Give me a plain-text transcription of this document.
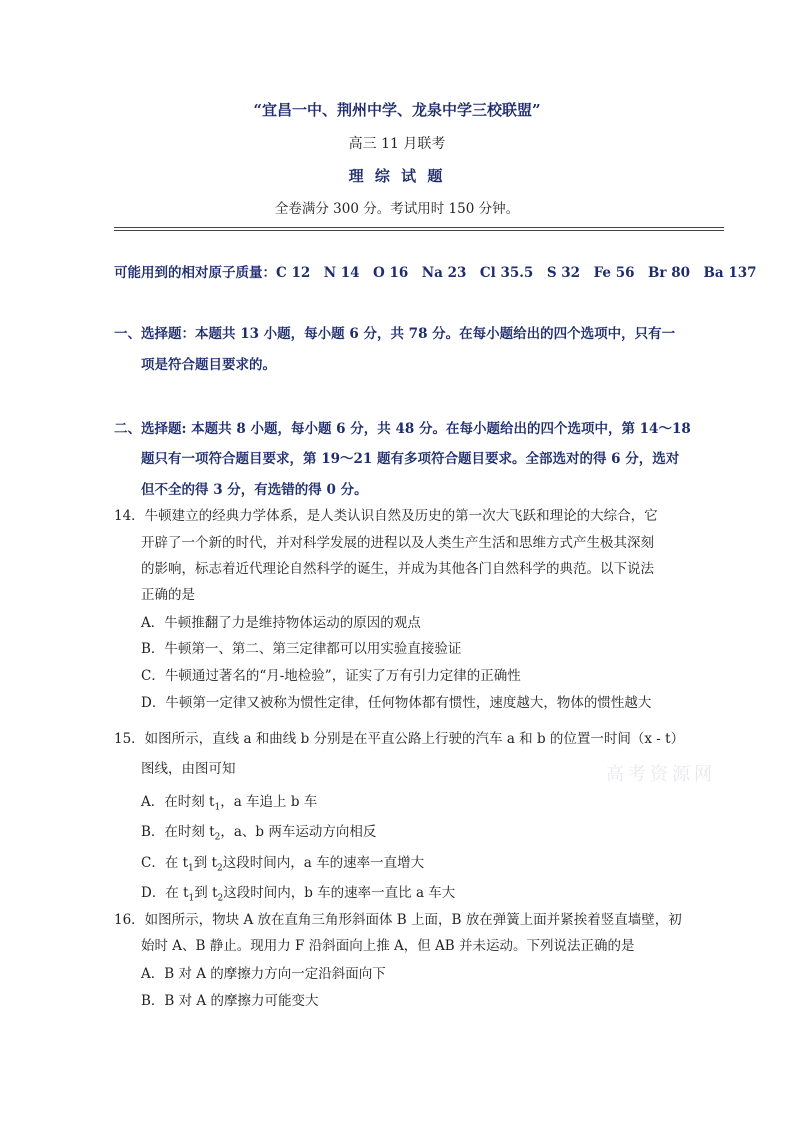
“宜昌一中、荆州中学、龙泉中学三校联盟”
高三 11 月联考
理 综 试 题
全卷满分 300 分。考试用时 150 分钟。
可能用到的相对原子质量：C 12　N 14　O 16　Na 23　Cl 35.5　S 32　Fe 56　Br 80　Ba 137
一、选择题：本题共 13 小题，每小题 6 分，共 78 分。在每小题给出的四个选项中，只有一
项是符合题目要求的。
二、选择题: 本题共 8 小题，每小题 6 分，共 48 分。在每小题给出的四个选项中，第 14～18
题只有一项符合题目要求，第 19～21 题有多项符合题目要求。全部选对的得 6 分，选对
但不全的得 3 分，有选错的得 0 分。
14．牛顿建立的经典力学体系，是人类认识自然及历史的第一次大飞跃和理论的大综合，它
开辟了一个新的时代，并对科学发展的进程以及人类生产生活和思维方式产生极其深刻
的影响，标志着近代理论自然科学的诞生，并成为其他各门自然科学的典范。以下说法
正确的是
A．牛顿推翻了力是维持物体运动的原因的观点
B．牛顿第一、第二、第三定律都可以用实验直接验证
C．牛顿通过著名的“月-地检验”，证实了万有引力定律的正确性
D．牛顿第一定律又被称为惯性定律，任何物体都有惯性，速度越大，物体的惯性越大
15．如图所示，直线 a 和曲线 b 分别是在平直公路上行驶的汽车 a 和 b 的位置一时间（x - t）
图线，由图可知
A．在时刻 $t_1$，a 车追上 b 车
B．在时刻 $t_2$，a、b 两车运动方向相反
C．在 $t_1$到 $t_2$这段时间内，a 车的速率一直增大
D．在 $t_1$到 $t_2$这段时间内，b 车的速率一直比 a 车大
16．如图所示，物块 A 放在直角三角形斜面体 B 上面，B 放在弹簧上面并紧挨着竖直墙壁，初
始时 A、B 静止。现用力 F 沿斜面向上推 A，但 AB 并未运动。下列说法正确的是
A．B 对 A 的摩擦力方向一定沿斜面向下
B．B 对 A 的摩擦力可能变大
高考资源网
